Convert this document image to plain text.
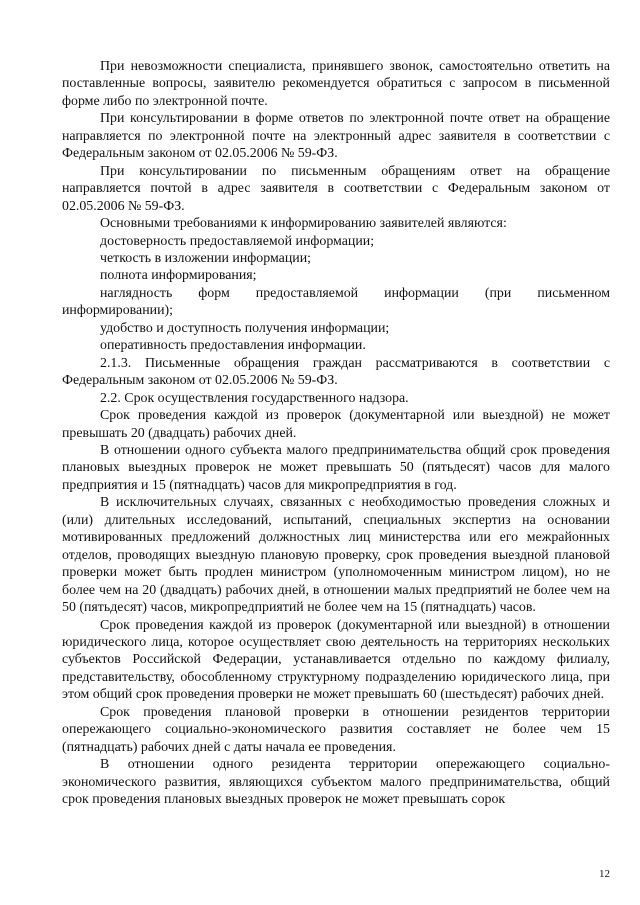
При невозможности специалиста, принявшего звонок, самостоятельно ответить на поставленные вопросы, заявителю рекомендуется обратиться с запросом в письменной форме либо по электронной почте.

При консультировании в форме ответов по электронной почте ответ на обращение направляется по электронной почте на электронный адрес заявителя в соответствии с Федеральным законом от 02.05.2006 № 59-ФЗ.

При консультировании по письменным обращениям ответ на обращение направляется почтой в адрес заявителя в соответствии с Федеральным законом от 02.05.2006 № 59-ФЗ.

Основными требованиями к информированию заявителей являются:

достоверность предоставляемой информации;

четкость в изложении информации;

полнота информирования;

наглядность форм предоставляемой информации (при письменном информировании);

удобство и доступность получения информации;

оперативность предоставления информации.

2.1.3. Письменные обращения граждан рассматриваются в соответствии с Федеральным законом от 02.05.2006 № 59-ФЗ.

2.2. Срок осуществления государственного надзора.

Срок проведения каждой из проверок (документарной или выездной) не может превышать 20 (двадцать) рабочих дней.

В отношении одного субъекта малого предпринимательства общий срок проведения плановых выездных проверок не может превышать 50 (пятьдесят) часов для малого предприятия и 15 (пятнадцать) часов для микропредприятия в год.

В исключительных случаях, связанных с необходимостью проведения сложных и (или) длительных исследований, испытаний, специальных экспертиз на основании мотивированных предложений должностных лиц министерства или его межрайонных отделов, проводящих выездную плановую проверку, срок проведения выездной плановой проверки может быть продлен министром (уполномоченным министром лицом), но не более чем на 20 (двадцать) рабочих дней, в отношении малых предприятий не более чем на 50 (пятьдесят) часов, микропредприятий не более чем на 15 (пятнадцать) часов.

Срок проведения каждой из проверок (документарной или выездной) в отношении юридического лица, которое осуществляет свою деятельность на территориях нескольких субъектов Российской Федерации, устанавливается отдельно по каждому филиалу, представительству, обособленному структурному подразделению юридического лица, при этом общий срок проведения проверки не может превышать 60 (шестьдесят) рабочих дней.

Срок проведения плановой проверки в отношении резидентов территории опережающего социально-экономического развития составляет не более чем 15 (пятнадцать) рабочих дней с даты начала ее проведения.

В отношении одного резидента территории опережающего социально-экономического развития, являющихся субъектом малого предпринимательства, общий срок проведения плановых выездных проверок не может превышать сорок

12
